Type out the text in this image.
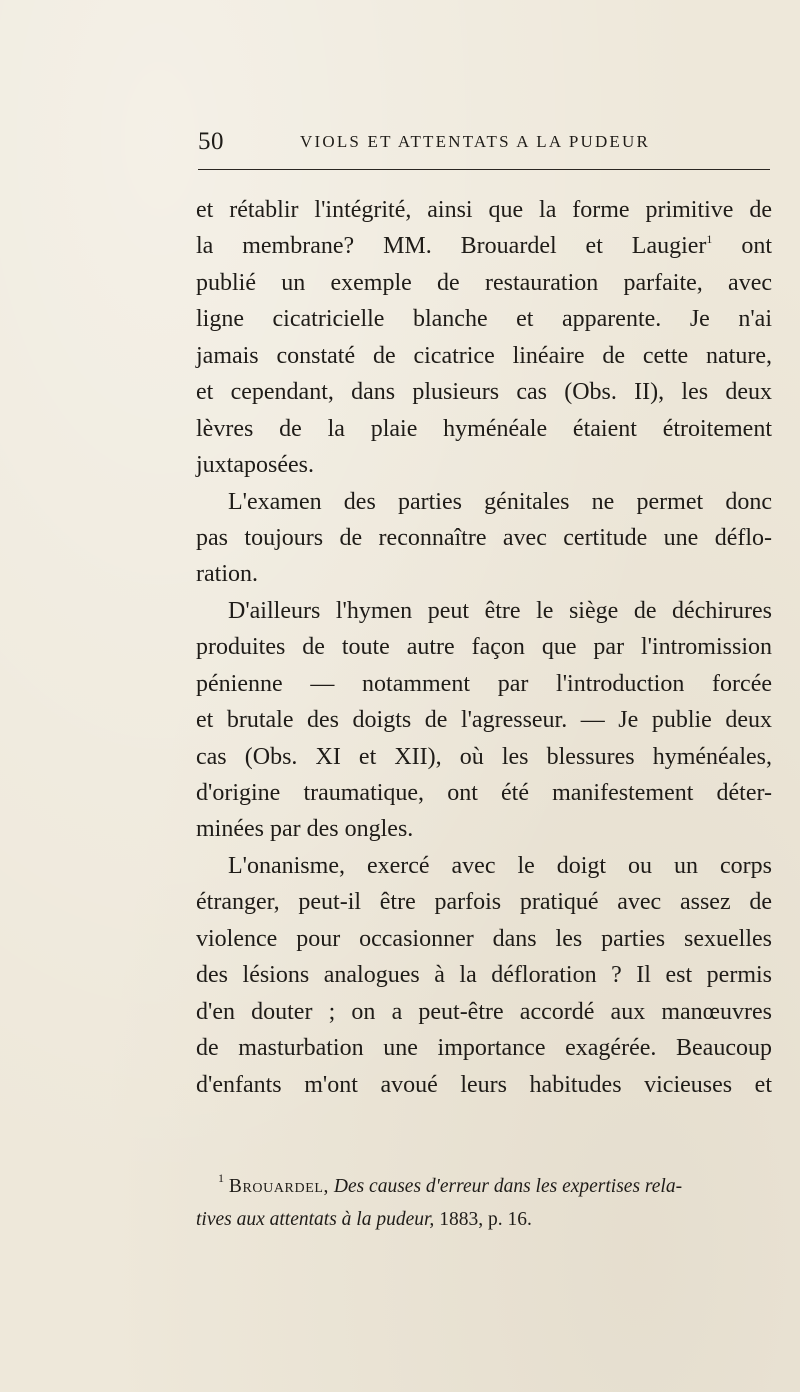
50	VIOLS ET ATTENTATS A LA PUDEUR
et rétablir l'intégrité, ainsi que la forme primitive de
la membrane? MM. Brouardel et Laugier$^1$ ont
publié un exemple de restauration parfaite, avec
ligne cicatricielle blanche et apparente. Je n'ai
jamais constaté de cicatrice linéaire de cette nature,
et cependant, dans plusieurs cas (Obs. II), les deux
lèvres de la plaie hyménéale étaient étroitement
juxtaposées.
L'examen des parties génitales ne permet donc
pas toujours de reconnaître avec certitude une déflo-
ration.
D'ailleurs l'hymen peut être le siège de déchirures
produites de toute autre façon que par l'intromission
pénienne — notamment par l'introduction forcée
et brutale des doigts de l'agresseur. — Je publie deux
cas (Obs. XI et XII), où les blessures hyménéales,
d'origine traumatique, ont été manifestement déter-
minées par des ongles.
L'onanisme, exercé avec le doigt ou un corps
étranger, peut-il être parfois pratiqué avec assez de
violence pour occasionner dans les parties sexuelles
des lésions analogues à la défloration ? Il est permis
d'en douter ; on a peut-être accordé aux manœuvres
de masturbation une importance exagérée. Beaucoup
d'enfants m'ont avoué leurs habitudes vicieuses et
$^1$ Brouardel, Des causes d'erreur dans les expertises rela-
tives aux attentats à la pudeur, 1883, p. 16.
